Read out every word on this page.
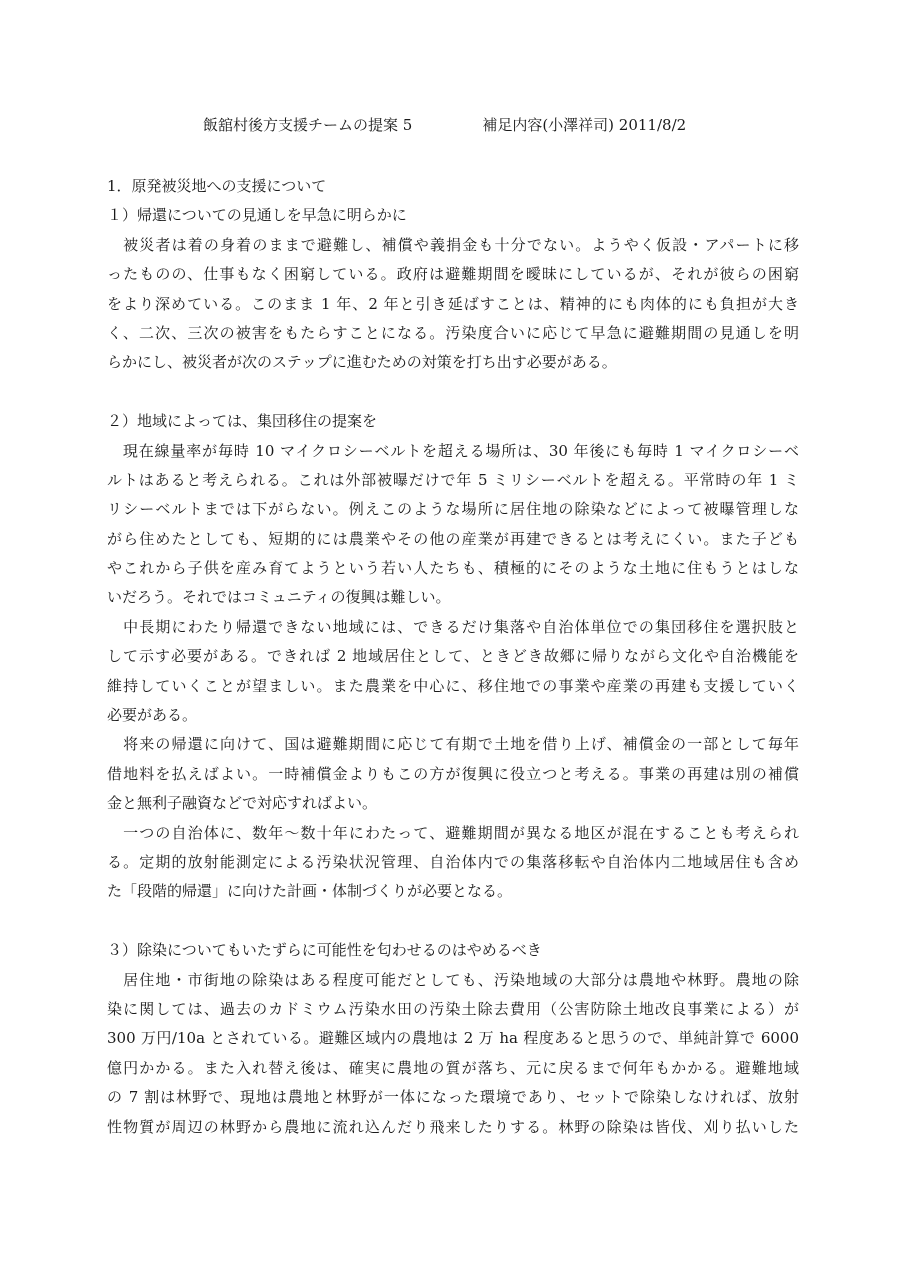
飯舘村後方支援チームの提案 5	補足内容(小澤祥司) 2011/8/2
1．原発被災地への支援について
１）帰還についての見通しを早急に明らかに
　被災者は着の身着のままで避難し、補償や義捐金も十分でない。ようやく仮設・アパートに移
ったものの、仕事もなく困窮している。政府は避難期間を曖昧にしているが、それが彼らの困窮
をより深めている。このまま 1 年、2 年と引き延ばすことは、精神的にも肉体的にも負担が大き
く、二次、三次の被害をもたらすことになる。汚染度合いに応じて早急に避難期間の見通しを明
らかにし、被災者が次のステップに進むための対策を打ち出す必要がある。
２）地域によっては、集団移住の提案を
　現在線量率が毎時 10 マイクロシーベルトを超える場所は、30 年後にも毎時 1 マイクロシーベ
ルトはあると考えられる。これは外部被曝だけで年 5 ミリシーベルトを超える。平常時の年 1 ミ
リシーベルトまでは下がらない。例えこのような場所に居住地の除染などによって被曝管理しな
がら住めたとしても、短期的には農業やその他の産業が再建できるとは考えにくい。また子ども
やこれから子供を産み育てようという若い人たちも、積極的にそのような土地に住もうとはしな
いだろう。それではコミュニティの復興は難しい。
　中長期にわたり帰還できない地域には、できるだけ集落や自治体単位での集団移住を選択肢と
して示す必要がある。できれば 2 地域居住として、ときどき故郷に帰りながら文化や自治機能を
維持していくことが望ましい。また農業を中心に、移住地での事業や産業の再建も支援していく
必要がある。
　将来の帰還に向けて、国は避難期間に応じて有期で土地を借り上げ、補償金の一部として毎年
借地料を払えばよい。一時補償金よりもこの方が復興に役立つと考える。事業の再建は別の補償
金と無利子融資などで対応すればよい。
　一つの自治体に、数年〜数十年にわたって、避難期間が異なる地区が混在することも考えられ
る。定期的放射能測定による汚染状況管理、自治体内での集落移転や自治体内二地域居住も含め
た「段階的帰還」に向けた計画・体制づくりが必要となる。
３）除染についてもいたずらに可能性を匂わせるのはやめるべき
　居住地・市街地の除染はある程度可能だとしても、汚染地域の大部分は農地や林野。農地の除
染に関しては、過去のカドミウム汚染水田の汚染土除去費用（公害防除土地改良事業による）が
300 万円/10a とされている。避難区域内の農地は 2 万 ha 程度あると思うので、単純計算で 6000
億円かかる。また入れ替え後は、確実に農地の質が落ち、元に戻るまで何年もかかる。避難地域
の 7 割は林野で、現地は農地と林野が一体になった環境であり、セットで除染しなければ、放射
性物質が周辺の林野から農地に流れ込んだり飛来したりする。林野の除染は皆伐、刈り払いした
